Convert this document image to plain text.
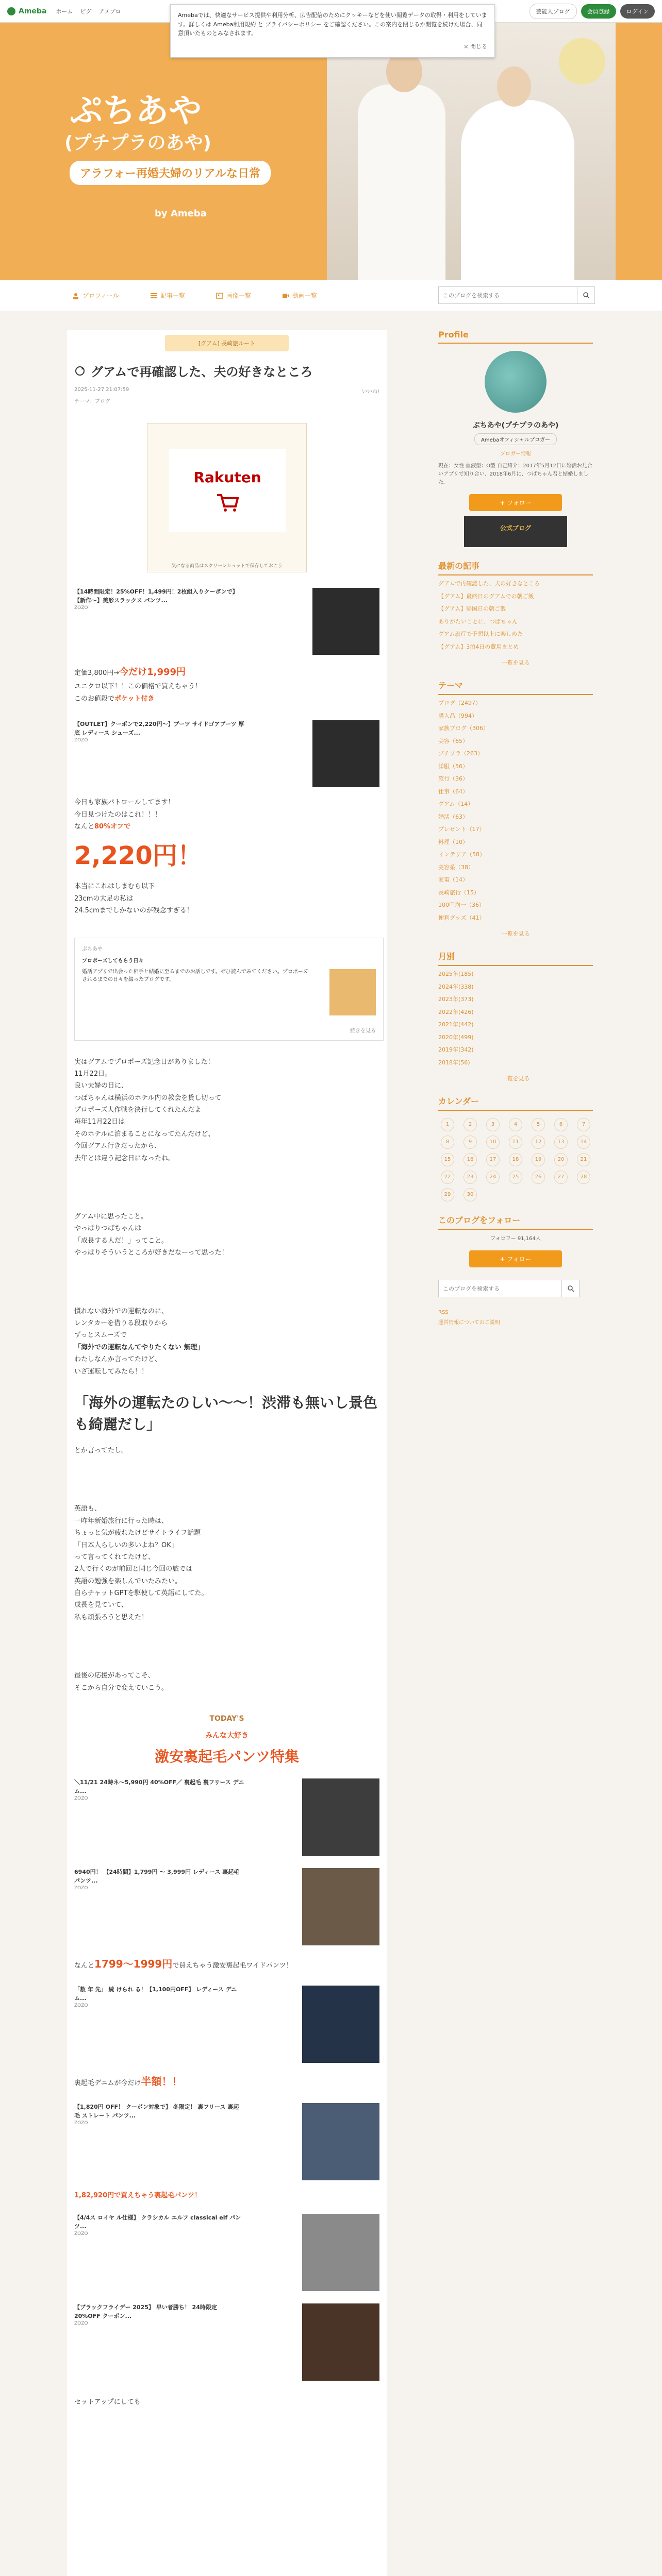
Ameba ホーム ピグ アメブロ	芸能人ブログ	会員登録	ログイン
Amebaでは、快適なサービス提供や利用分析、広告配信のためにクッキーなどを使い閲覧データの取得・利用をしています。詳しくは Ameba利用規約 と プライバシーポリシー をご確認ください。この案内を閉じるか閲覧を続けた場合、同意頂いたものとみなされます。
× 閉じる
ぷちあや
(プチプラのあや)
アラフォー再婚夫婦のリアルな日常
by Ameba
プロフィール	記事一覧	画像一覧	動画一覧
このブログを検索する
[グアム] 長崎旅ルート
グアムで再確認した、夫の好きなところ
2025-11-27 21:07:59	いいね!
テーマ：ブログ
Rakuten
気になる商品はスクリーンショットで保存しておこう
【14時間限定！25%OFF！1,499円！2枚組入りクーポンで】【新作～】美形スラックス パンツ...
ZOZO
定価3,800円→今だけ1,999円
ユニクロ以下！！この価格で買えちゃう！
このお値段でポケット付き
【OUTLET】クーポンで2,220円〜】ブーツ サイドゴアブーツ 厚底 レディース シューズ...
ZOZO
今日も家族パトロールしてます！
今日見つけたのはこれ！！！
なんと80%オフで
2,220円！
本当にこれはしまむら以下
23cmの大足の私は
24.5cmまでしかないのが残念すぎる！
ぷちあや
プロポーズしてもらう日々
婚活アプリで出会った相手と結婚に至るまでのお話しです。ぜひ読んでみてください。プロポーズされるまでの日々を綴ったブログです。
続きを見る
実はグアムでプロポーズ記念日がありました！
11月22日。
良い夫婦の日に、
つばちゃんは横浜のホテル内の教会を貸し切って
プロポーズ大作戦を決行してくれたんだよ
毎年11月22日は
そのホテルに泊まることになってたんだけど、
今回グアム行きだったから、
去年とは違う記念日になったね。
グアム中に思ったこと。
やっぱりつばちゃんは
「成長する人だ！」ってこと。
やっぱりそういうところが好きだなーって思った！
慣れない海外での運転なのに、
レンタカーを借りる段取りから
ずっとスムーズで
「海外での運転なんてやりたくない 無理」
わたしなんか言ってたけど、
いざ運転してみたら！！
「海外の運転たのしい〜〜！渋滞も無いし景色も綺麗だし」
とか言ってたし。
英語も、
一昨年新婚旅行に行った時は、
ちょっと気が疲れたけどサイトライフ話題
「日本人らしいの多いよね？OK」
って言ってくれてたけど、
2人で行くのが前回と同じ今回の旅では
英語の勉強を楽しんでいたみたい。
自らチャットGPTを駆使して英語にしてた。
成長を見ていて、
私も頑張ろうと思えた！
最後の応援があってこそ、
そこから自分で変えていこう。
TODAY'S
みんな大好き
激安裏起毛パンツ特集
＼11/21 24時ネ〜5,990円 40%OFF／ 裏起毛 裏フリース デニム...
ZOZO
6940円！ 【24時間】1,799円 〜 3,999円 レディース 裏起毛 パンツ...
ZOZO
なんと1799〜1999円で買えちゃう激安裏起毛ワイドパンツ！
「数 年 先」 続 けられ る！【1,100円OFF】 レディース デニム...
ZOZO
裏起毛デニムが今だけ半額！！
【1,820円 OFF！ クーポン対象で】 冬限定！ 裏フリース 裏起毛 ストレート パンツ...
ZOZO
1,82,920円で買えちゃう裏起毛パンツ！
【4/4ス ロイヤ ル仕様】 クラシカル エルフ classical elf パンツ...
ZOZO
【ブラックフライデー 2025】 早い者勝ち！ 24時限定 20%OFF クーポン...
ZOZO
セットアップにしても
Profile
ぷちあや(プチプラのあや)
Amebaオフィシャルブロガー
ブロガー情報
現在：女性 血液型：O型 自己紹介：2017年5月12日に婚活お見合いアプリで知り合い、2018年6月に、つばちゃん君と結婚しました。
+ フォロー
公式ブログ
最新の記事
グアムで再確認した、夫の好きなところ
【グアム】最終日のグアムでの朝ご飯
【グアム】帰国日の朝ご飯
ありがたいことに、つばちゃん
グアム旅行で予想以上に楽しめた
【グアム】3泊4日の費用まとめ
一覧を見る
テーマ
ブログ（2497）
購入品（994）
家族ブログ（306）
美容（65）
プチプラ（263）
洋服（56）
旅行（36）
仕事（64）
グアム（14）
婚活（63）
プレゼント（17）
料理（10）
インテリア（58）
美容系（38）
家電（14）
長崎旅行（15）
100円均一（36）
便利グッズ（41）
一覧を見る
月別
2025年(185)
2024年(338)
2023年(373)
2022年(426)
2021年(442)
2020年(499)
2019年(342)
2018年(56)
一覧を見る
カレンダー
1	2	3	4	5	6	7
8	9	10	11	12	13	14
15	16	17	18	19	20	21
22	23	24	25	26	27	28
29	30
このブログをフォロー
フォロワー 91,164人
+ フォロー
このブログを検索する
RSS
運営情報についてのご説明
